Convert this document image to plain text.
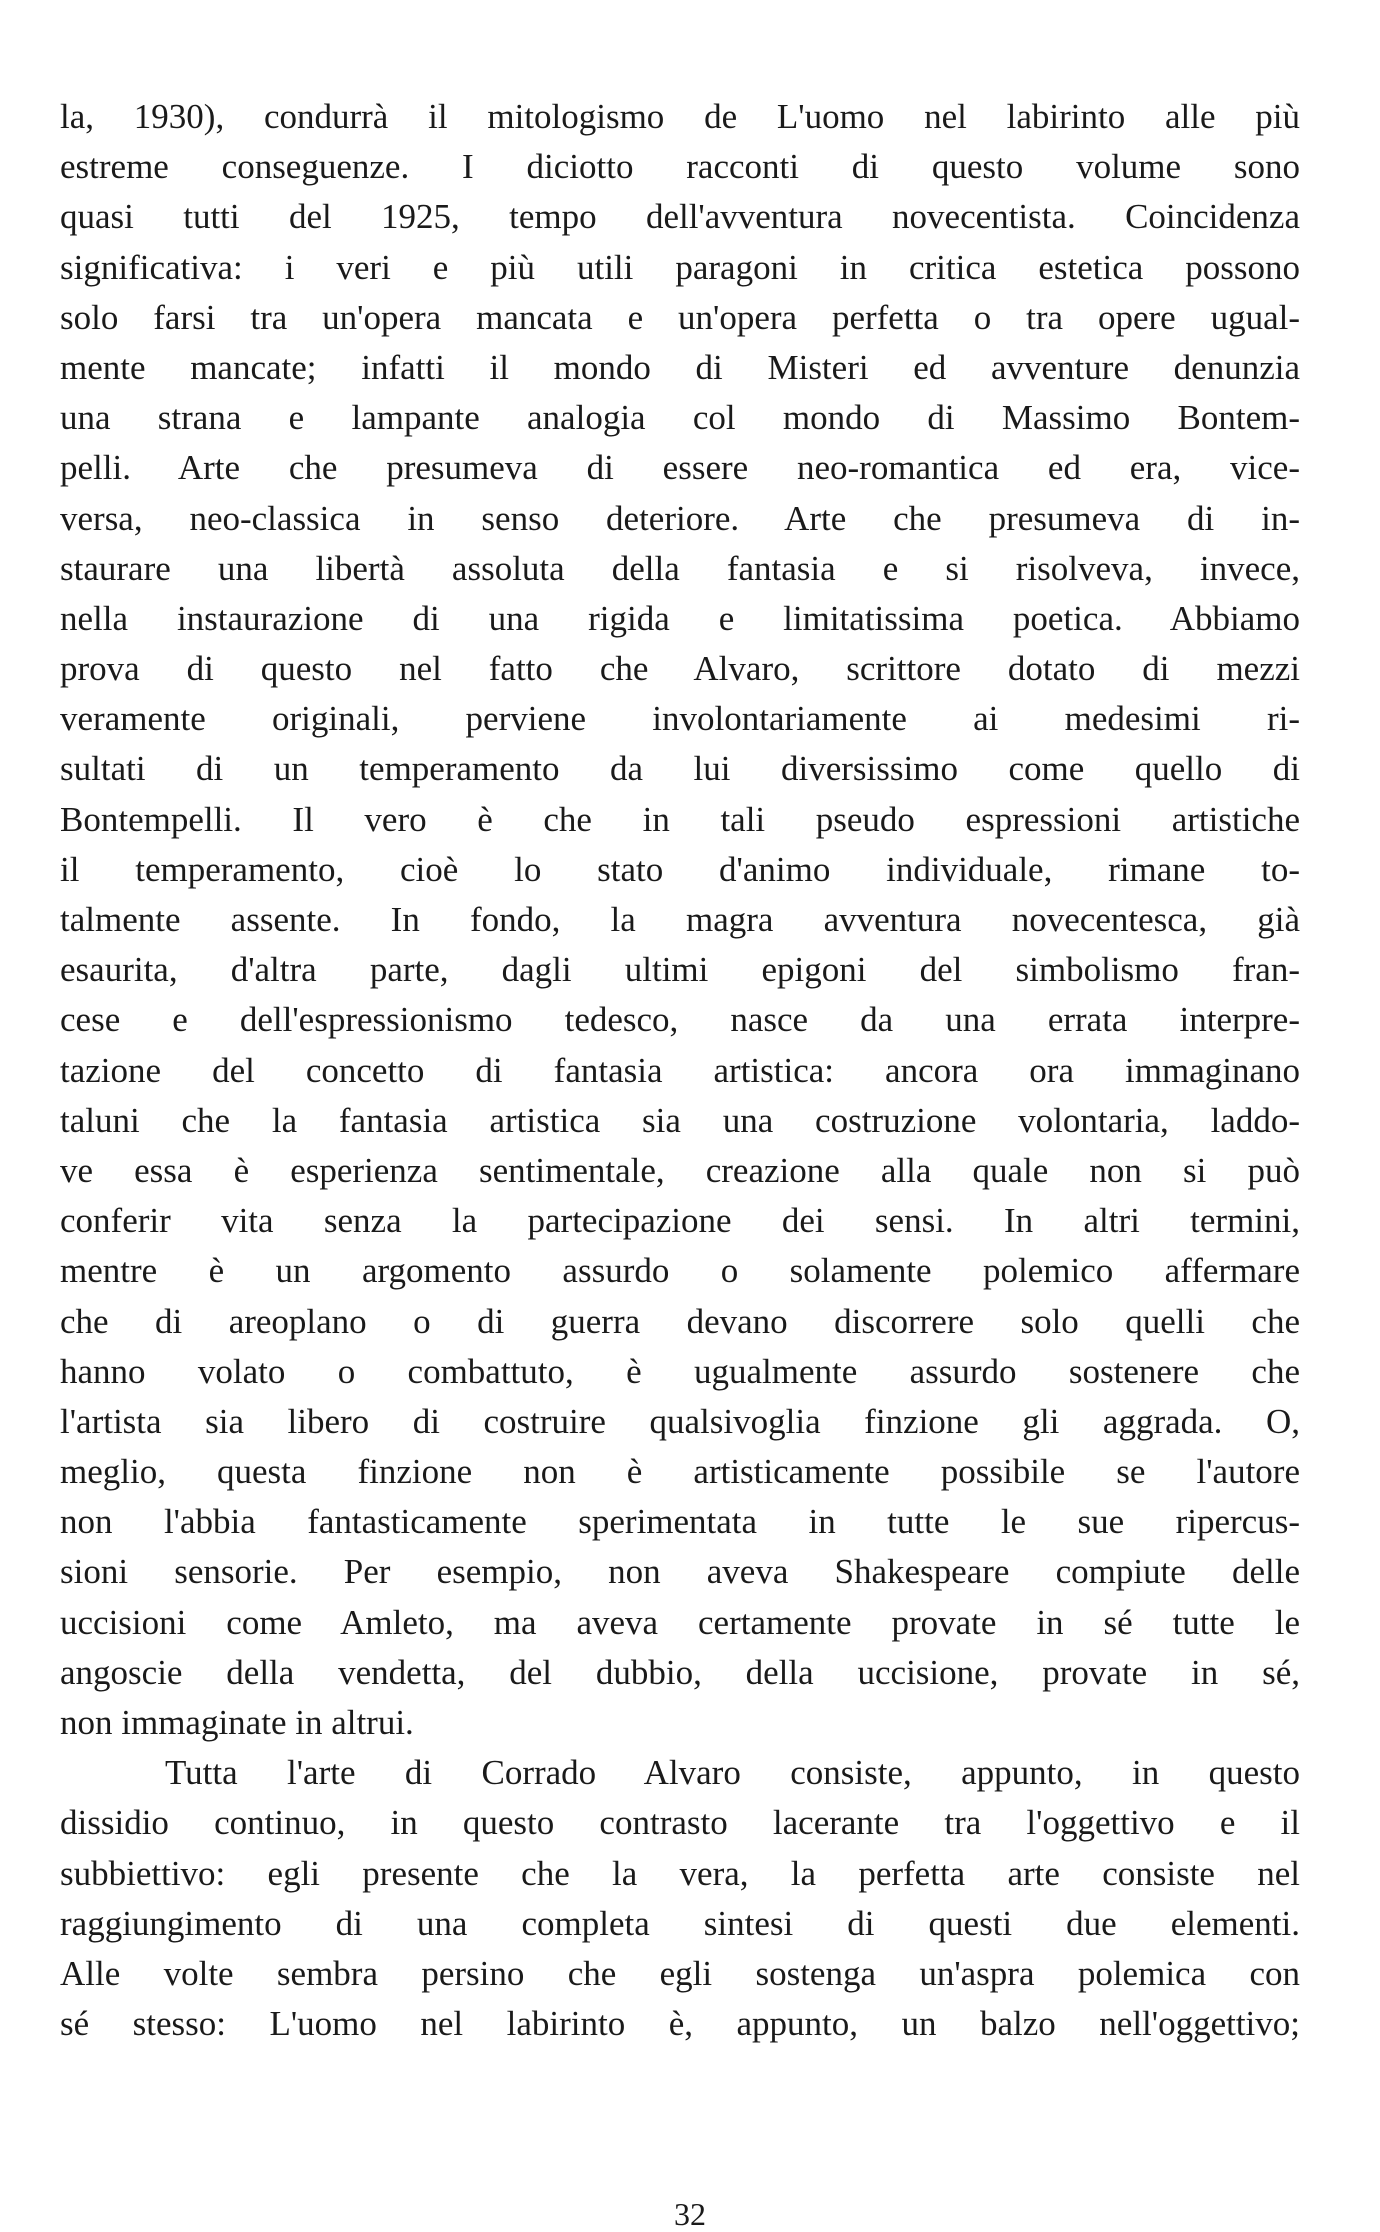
la, 1930), condurrà il mitologismo de L'uomo nel labirinto alle più
estreme conseguenze. I diciotto racconti di questo volume sono
quasi tutti del 1925, tempo dell'avventura novecentista. Coincidenza
significativa: i veri e più utili paragoni in critica estetica possono
solo farsi tra un'opera mancata e un'opera perfetta o tra opere ugual-
mente mancate; infatti il mondo di Misteri ed avventure denunzia
una strana e lampante analogia col mondo di Massimo Bontem-
pelli. Arte che presumeva di essere neo-romantica ed era, vice-
versa, neo-classica in senso deteriore. Arte che presumeva di in-
staurare una libertà assoluta della fantasia e si risolveva, invece,
nella instaurazione di una rigida e limitatissima poetica. Abbiamo
prova di questo nel fatto che Alvaro, scrittore dotato di mezzi
veramente originali, perviene involontariamente ai medesimi ri-
sultati di un temperamento da lui diversissimo come quello di
Bontempelli. Il vero è che in tali pseudo espressioni artistiche
il temperamento, cioè lo stato d'animo individuale, rimane to-
talmente assente. In fondo, la magra avventura novecentesca, già
esaurita, d'altra parte, dagli ultimi epigoni del simbolismo fran-
cese e dell'espressionismo tedesco, nasce da una errata interpre-
tazione del concetto di fantasia artistica: ancora ora immaginano
taluni che la fantasia artistica sia una costruzione volontaria, laddo-
ve essa è esperienza sentimentale, creazione alla quale non si può
conferir vita senza la partecipazione dei sensi. In altri termini,
mentre è un argomento assurdo o solamente polemico affermare
che di areoplano o di guerra devano discorrere solo quelli che
hanno volato o combattuto, è ugualmente assurdo sostenere che
l'artista sia libero di costruire qualsivoglia finzione gli aggrada. O,
meglio, questa finzione non è artisticamente possibile se l'autore
non l'abbia fantasticamente sperimentata in tutte le sue ripercus-
sioni sensorie. Per esempio, non aveva Shakespeare compiute delle
uccisioni come Amleto, ma aveva certamente provate in sé tutte le
angoscie della vendetta, del dubbio, della uccisione, provate in sé,
non immaginate in altrui.
Tutta l'arte di Corrado Alvaro consiste, appunto, in questo
dissidio continuo, in questo contrasto lacerante tra l'oggettivo e il
subbiettivo: egli presente che la vera, la perfetta arte consiste nel
raggiungimento di una completa sintesi di questi due elementi.
Alle volte sembra persino che egli sostenga un'aspra polemica con
sé stesso: L'uomo nel labirinto è, appunto, un balzo nell'oggettivo;
32
